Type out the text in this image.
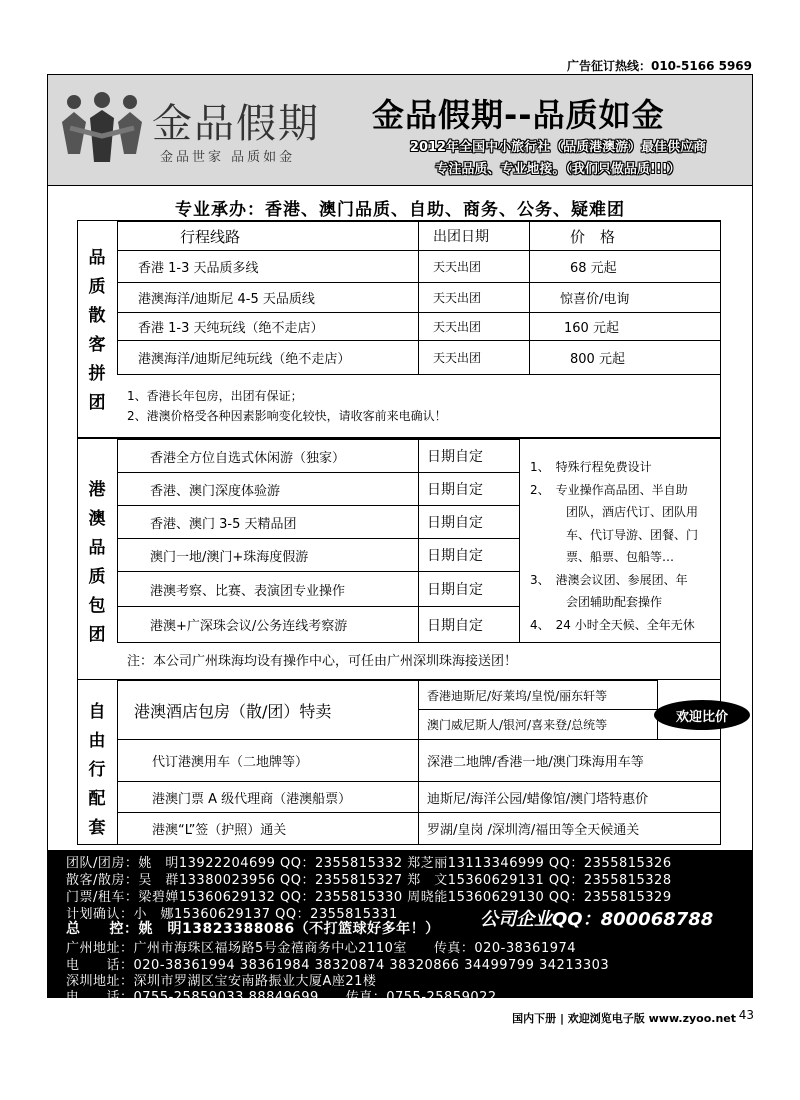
广告征订热线：010-5166 5969
金品假期
金品世家 品质如金
金品假期--品质如金
2012年全国中小旅行社（品质港澳游）最佳供应商
专注品质、专业地接。（我们只做品质!!!）
专业承办：香港、澳门品质、自助、商务、公务、疑难团
品
质
散
客
拼
团
行程线路	出团日期	价　格
香港 1-3 天品质多线	天天出团	68 元起
港澳海洋/迪斯尼 4-5 天品质线	天天出团	惊喜价/电询
香港 1-3 天纯玩线（绝不走店）	天天出团	160 元起
港澳海洋/迪斯尼纯玩线（绝不走店）	天天出团	800 元起
1、香港长年包房，出团有保证；
2、港澳价格受各种因素影响变化较快，请收客前来电确认！
港
澳
品
质
包
团
香港全方位自选式休闲游（独家）	日期自定
香港、澳门深度体验游	日期自定
香港、澳门 3-5 天精品团	日期自定
澳门一地/澳门+珠海度假游	日期自定
港澳考察、比赛、表演团专业操作	日期自定
港澳+广深珠会议/公务连线考察游	日期自定
1、　特殊行程免费设计
2、　专业操作高品团、半自助
　　　团队，酒店代订、团队用
　　　车、代订导游、团餐、门
　　　票、船票、包船等…
3、　港澳会议团、参展团、年
　　　会团辅助配套操作
4、　24 小时全天候、全年无休
注：本公司广州珠海均设有操作中心，可任由广州深圳珠海接送团！
自
由
行
配
套
港澳酒店包房（散/团）特卖
香港迪斯尼/好莱坞/皇悦/丽东轩等
澳门威尼斯人/银河/喜来登/总统等
欢迎比价
代订港澳用车（二地牌等）	深港二地牌/香港一地/澳门珠海用车等
港澳门票 A 级代理商（港澳船票）	迪斯尼/海洋公园/蜡像馆/澳门塔特惠价
港澳“L”签（护照）通关	罗湖/皇岗 /深圳湾/福田等全天候通关
团队/团房：姚　明13922204699 QQ：2355815332 郑芝丽13113346999 QQ：2355815326
散客/散房：吴　群13380023956 QQ：2355815327 郑　文15360629131 QQ：2355815328
门票/租车：梁碧婵15360629132 QQ：2355815330 周晓能15360629130 QQ：2355815329
计划确认：小　娜15360629137 QQ：2355815331
总　　控：姚　明13823388086（不打篮球好多年！）
广州地址：广州市海珠区福场路5号金禧商务中心2110室　　传真：020-38361974
电　　话：020-38361994 38361984 38320874 38320866 34499799 34213303
深圳地址：深圳市罗湖区宝安南路振业大厦A座21楼
电　　话：0755-25859033 88849699　　传真：0755-25859022
公司企业QQ：800068788
国内下册 | 欢迎浏览电子版 www.zyoo.net 43
